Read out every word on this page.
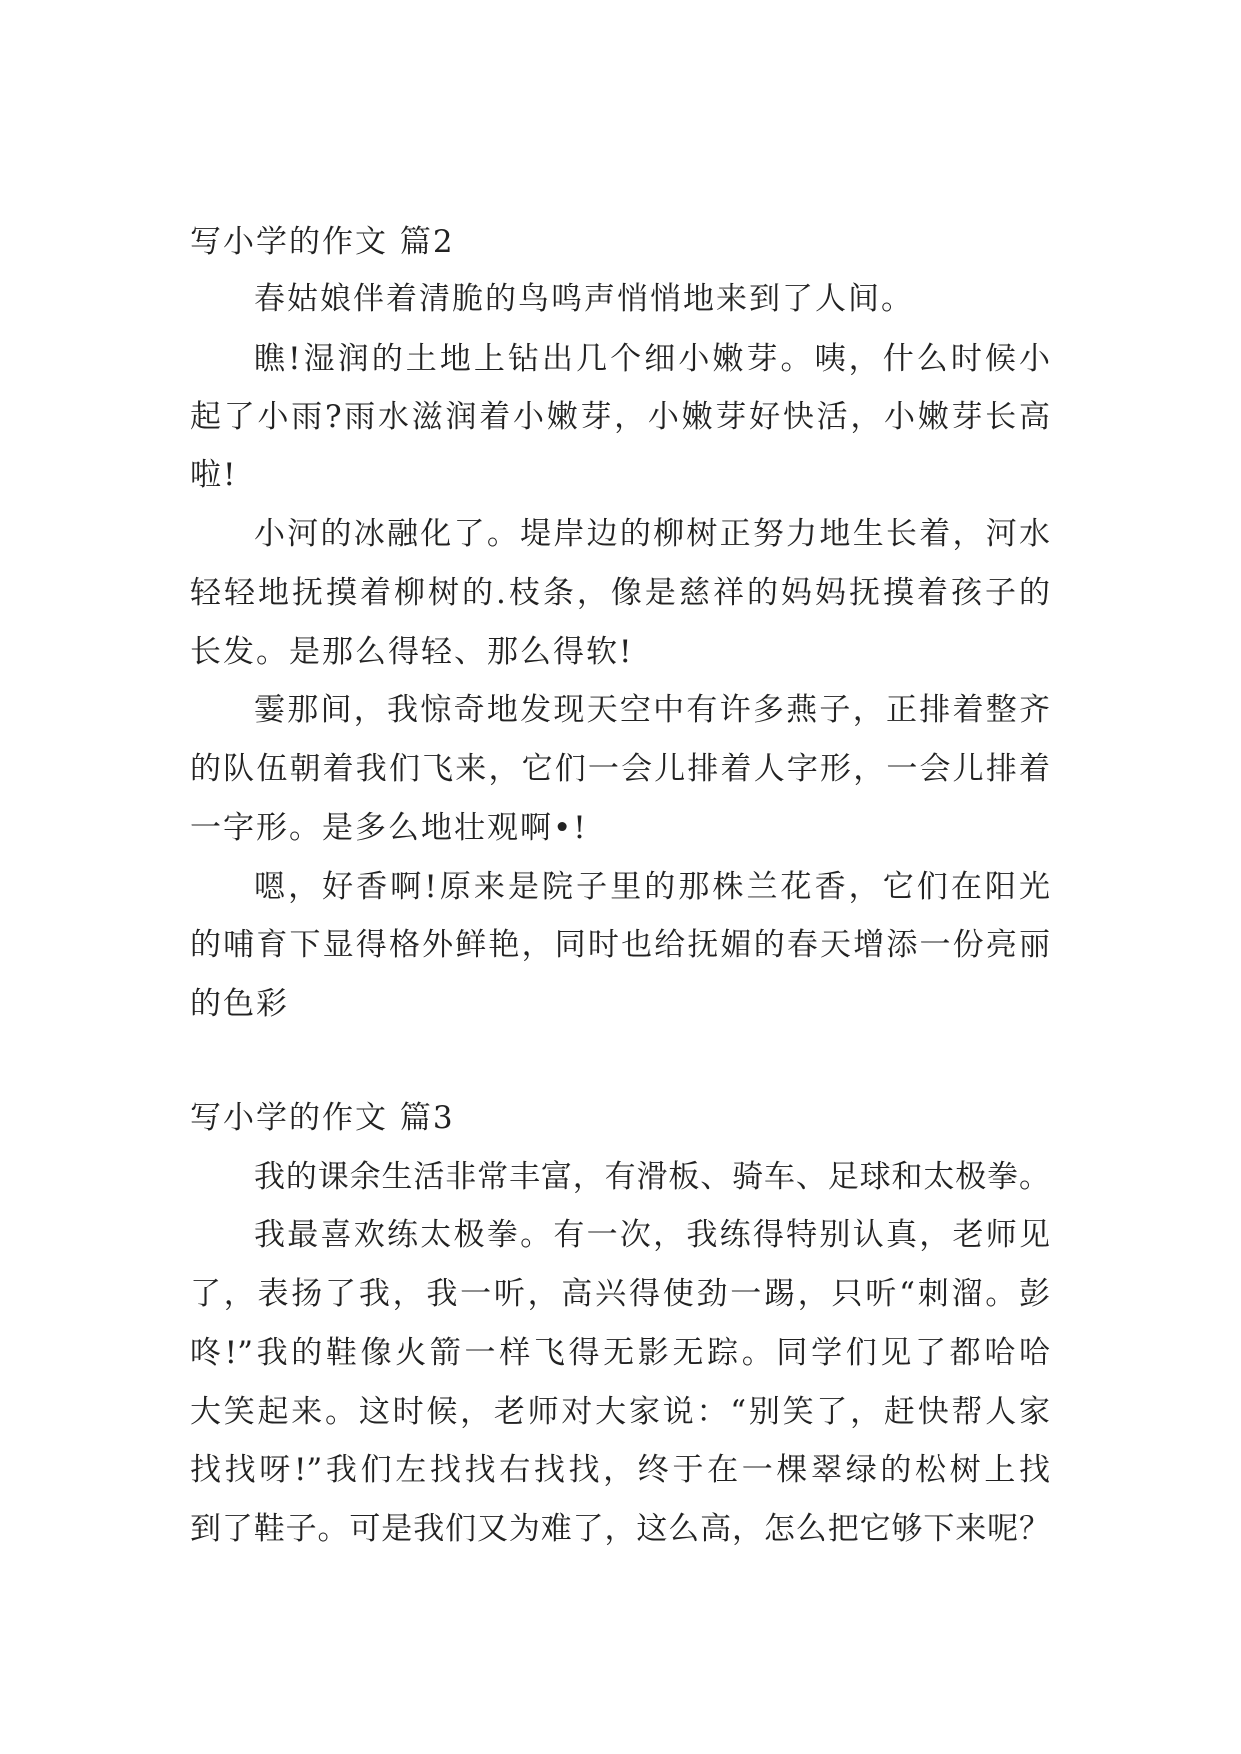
写小学的作文 篇2
春姑娘伴着清脆的鸟鸣声悄悄地来到了人间。
瞧!湿润的土地上钻出几个细小嫩芽。咦，什么时候小
起了小雨?雨水滋润着小嫩芽，小嫩芽好快活，小嫩芽长高
啦!
小河的冰融化了。堤岸边的柳树正努力地生长着，河水
轻轻地抚摸着柳树的.枝条，像是慈祥的妈妈抚摸着孩子的
长发。是那么得轻、那么得软!
霎那间，我惊奇地发现天空中有许多燕子，正排着整齐
的队伍朝着我们飞来，它们一会儿排着人字形，一会儿排着
一字形。是多么地壮观啊•!
嗯，好香啊!原来是院子里的那株兰花香，它们在阳光
的哺育下显得格外鲜艳，同时也给抚媚的春天增添一份亮丽
的色彩
写小学的作文 篇3
我的课余生活非常丰富，有滑板、骑车、足球和太极拳。
我最喜欢练太极拳。有一次，我练得特别认真，老师见
了，表扬了我，我一听，高兴得使劲一踢，只听“刺溜。彭
咚!”我的鞋像火箭一样飞得无影无踪。同学们见了都哈哈
大笑起来。这时候，老师对大家说：“别笑了，赶快帮人家
找找呀!”我们左找找右找找，终于在一棵翠绿的松树上找
到了鞋子。可是我们又为难了，这么高，怎么把它够下来呢？
